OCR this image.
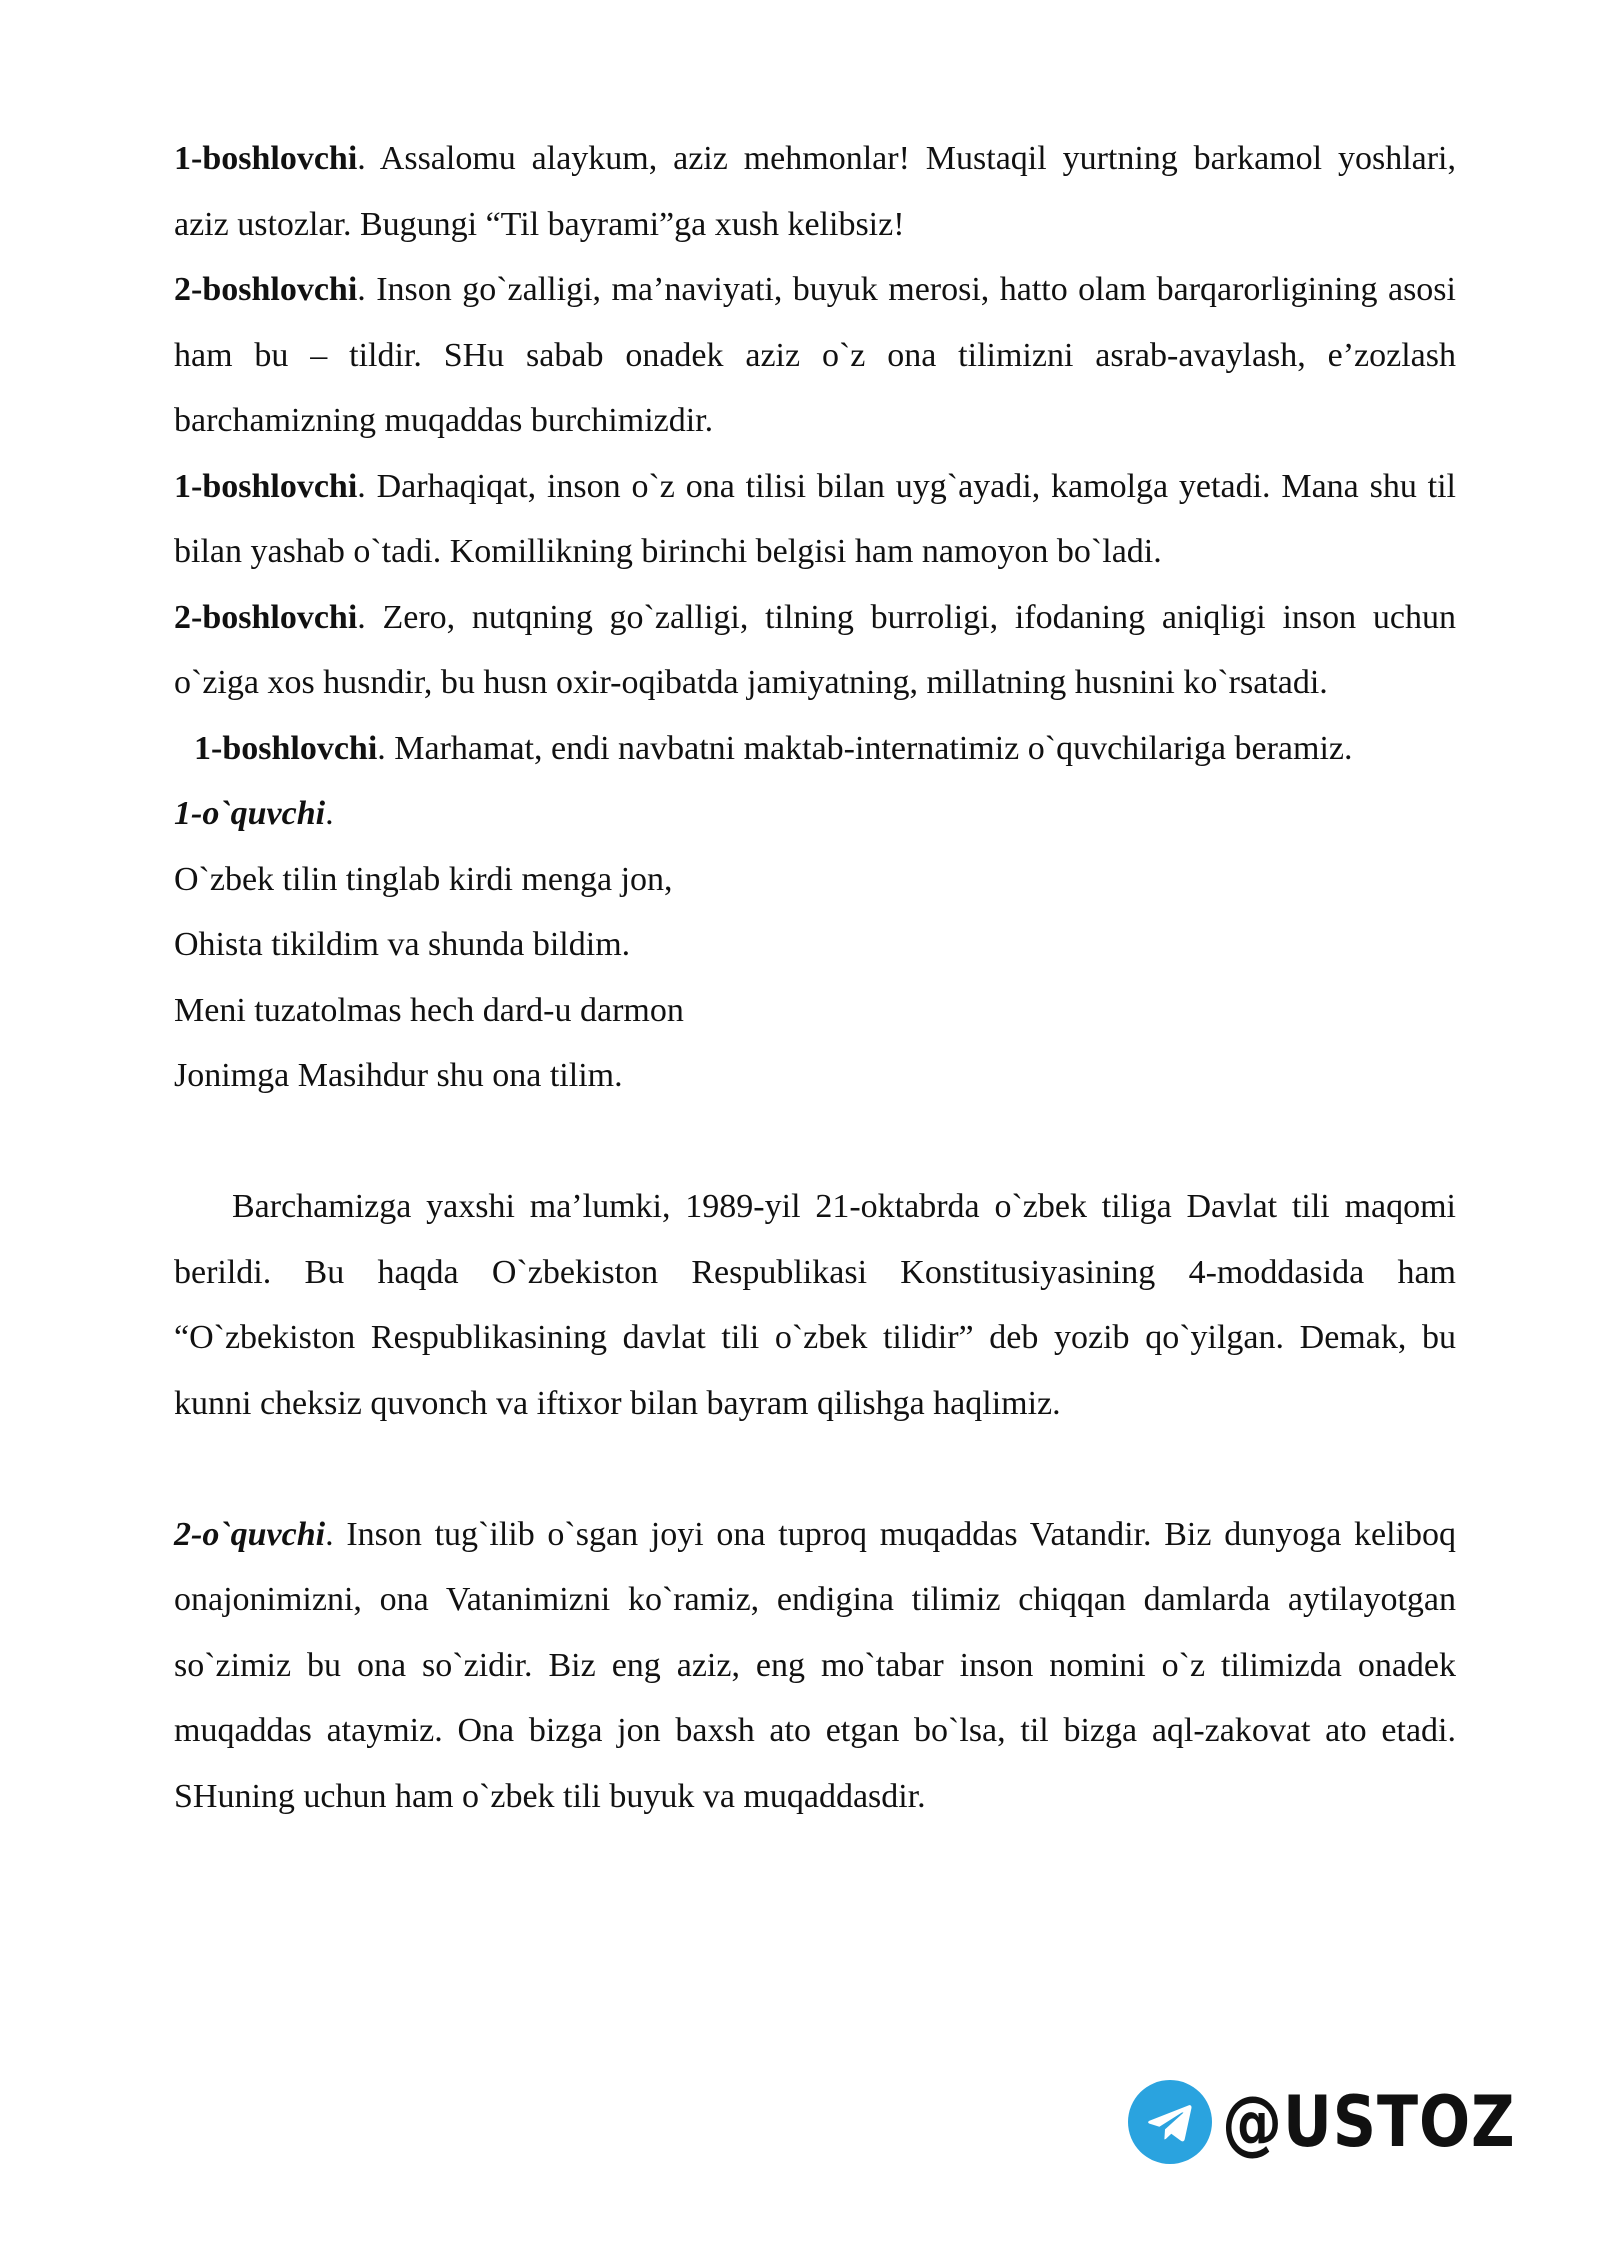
1-boshlovchi. Assalomu alaykum, aziz mehmonlar! Mustaqil yurtning barkamol yoshlari, aziz ustozlar. Bugungi “Til bayrami”ga xush kelibsiz!

2-boshlovchi. Inson go`zalligi, ma’naviyati, buyuk merosi, hatto olam barqarorligining asosi ham bu – tildir. SHu sabab onadek aziz o`z ona tilimizni asrab-avaylash, e’zozlash barchamizning muqaddas burchimizdir.

1-boshlovchi. Darhaqiqat, inson o`z ona tilisi bilan uyg`ayadi, kamolga yetadi. Mana shu til bilan yashab o`tadi. Komillikning birinchi belgisi ham namoyon bo`ladi.

2-boshlovchi. Zero, nutqning go`zalligi, tilning burroligi, ifodaning aniqligi inson uchun o`ziga xos husndir, bu husn oxir-oqibatda jamiyatning, millatning husnini ko`rsatadi.

1-boshlovchi. Marhamat, endi navbatni maktab-internatimiz o`quvchilariga beramiz.

1-o`quvchi.

O`zbek tilin tinglab kirdi menga jon,
Ohista tikildim va shunda bildim.
Meni tuzatolmas hech dard-u darmon
Jonimga Masihdur shu ona tilim.

Barchamizga yaxshi ma’lumki, 1989-yil 21-oktabrda o`zbek tiliga Davlat tili maqomi berildi. Bu haqda O`zbekiston Respublikasi Konstitusiyasining 4-moddasida ham “O`zbekiston Respublikasining davlat tili o`zbek tilidir” deb yozib qo`yilgan. Demak, bu kunni cheksiz quvonch va iftixor bilan bayram qilishga haqlimiz.

2-o`quvchi. Inson tug`ilib o`sgan joyi ona tuproq muqaddas Vatandir. Biz dunyoga keliboq onajonimizni, ona Vatanimizni ko`ramiz, endigina tilimiz chiqqan damlarda aytilayotgan so`zimiz bu ona so`zidir. Biz eng aziz, eng mo`tabar inson nomini o`z tilimizda onadek muqaddas ataymiz. Ona bizga jon baxsh ato etgan bo`lsa, til bizga aql-zakovat ato etadi. SHuning uchun ham o`zbek tili buyuk va muqaddasdir.

@USTOZ
